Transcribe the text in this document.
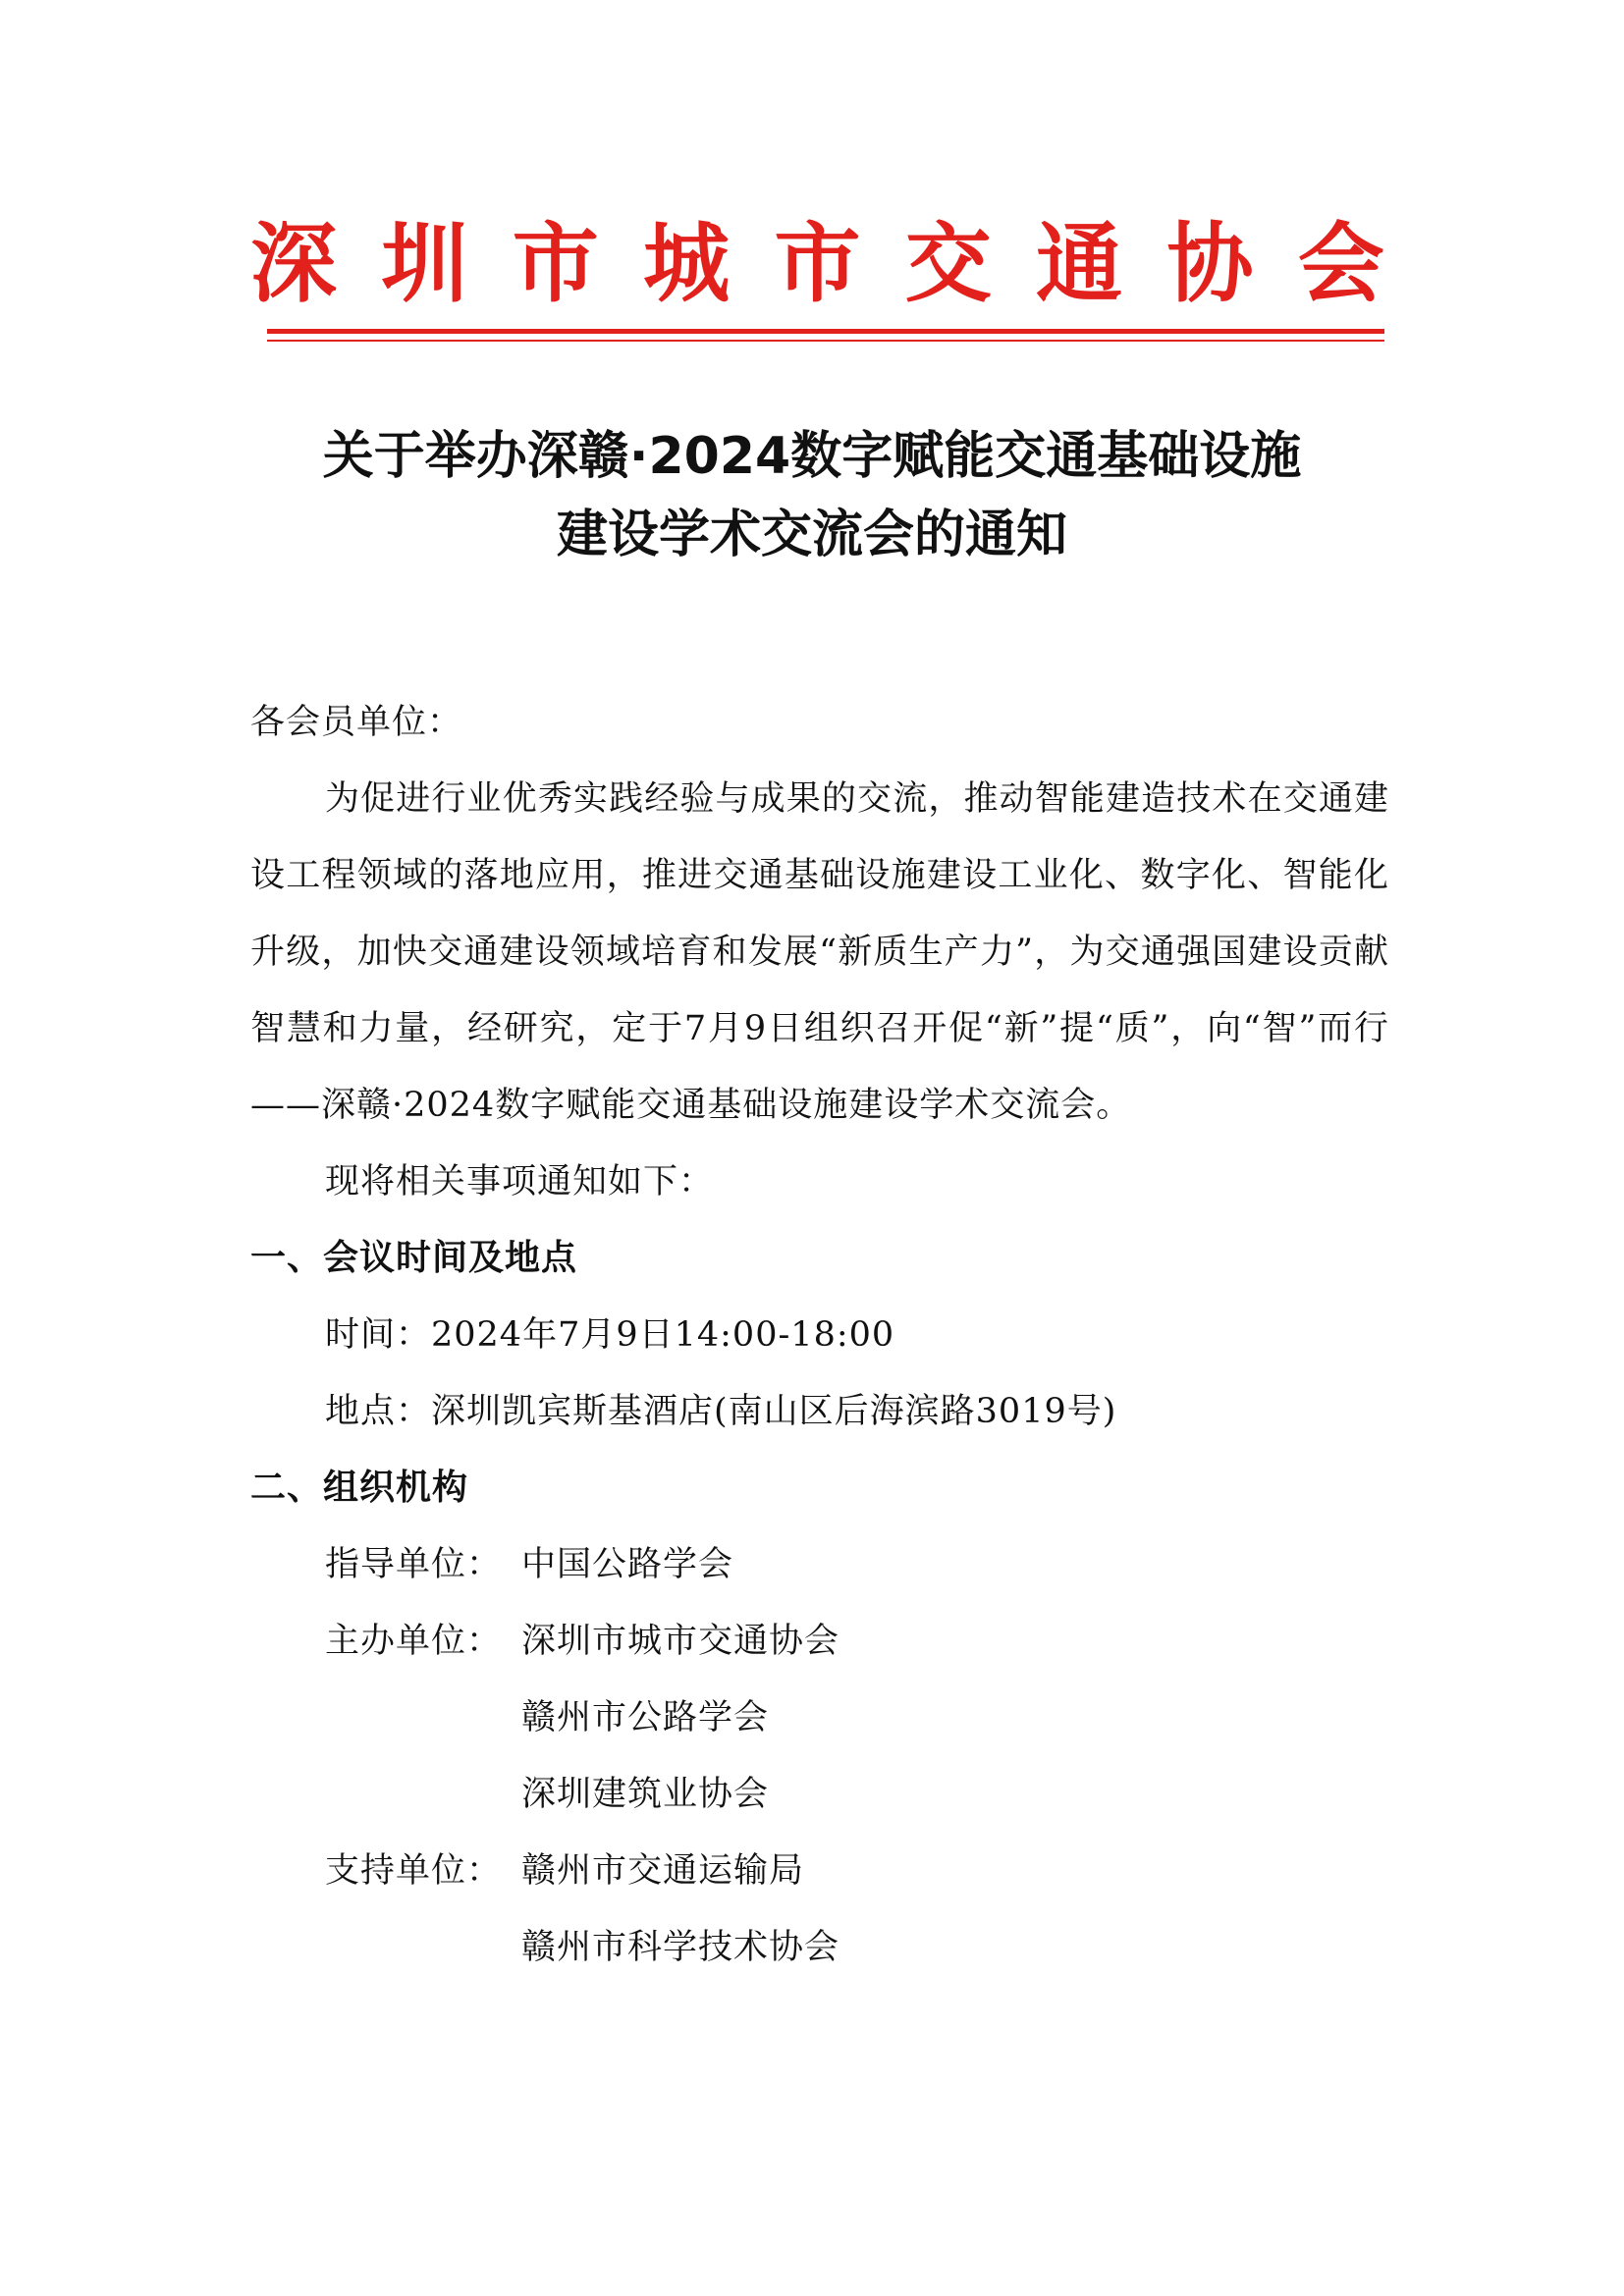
深 圳 市 城 市 交 通 协 会
关于举办深赣·2024数字赋能交通基础设施
建设学术交流会的通知

各会员单位：

为促进行业优秀实践经验与成果的交流，推动智能建造技术在交通建设工程领域的落地应用，推进交通基础设施建设工业化、数字化、智能化升级，加快交通建设领域培育和发展“新质生产力”，为交通强国建设贡献智慧和力量，经研究，定于7月9日组织召开促“新”提“质”，向“智”而行——深赣·2024数字赋能交通基础设施建设学术交流会。

现将相关事项通知如下：

一、会议时间及地点

时间：2024年7月9日14:00-18:00

地点：深圳凯宾斯基酒店(南山区后海滨路3019号)

二、组织机构

指导单位： 中国公路学会
主办单位： 深圳市城市交通协会
赣州市公路学会
深圳建筑业协会
支持单位： 赣州市交通运输局
赣州市科学技术协会
